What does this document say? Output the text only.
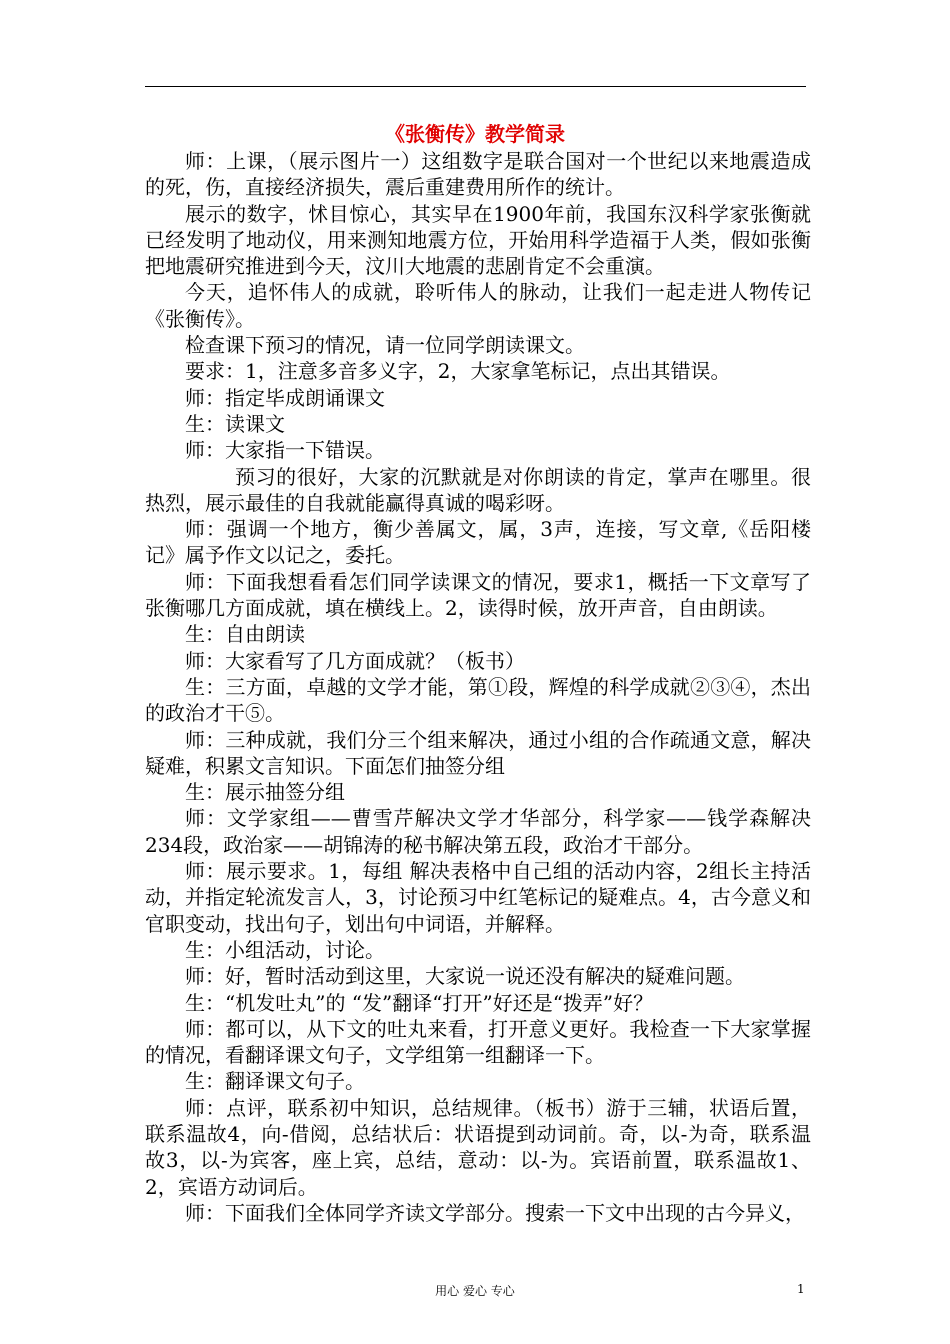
《张衡传》教学简录

师：上课，（展示图片一）这组数字是联合国对一个世纪以来地震造成的死，伤，直接经济损失，震后重建费用所作的统计。

展示的数字，怵目惊心，其实早在1900年前，我国东汉科学家张衡就已经发明了地动仪，用来测知地震方位，开始用科学造福于人类，假如张衡把地震研究推进到今天，汶川大地震的悲剧肯定不会重演。

今天，追怀伟人的成就，聆听伟人的脉动，让我们一起走进人物传记《张衡传》。

检查课下预习的情况，请一位同学朗读课文。

要求：1，注意多音多义字，2，大家拿笔标记，点出其错误。

师：指定毕成朗诵课文

生：读课文

师：大家指一下错误。

预习的很好，大家的沉默就是对你朗读的肯定，掌声在哪里。很热烈，展示最佳的自我就能赢得真诚的喝彩呀。

师：强调一个地方，衡少善属文，属，3声，连接，写文章,《岳阳楼记》属予作文以记之，委托。

师：下面我想看看怎们同学读课文的情况，要求1，概括一下文章写了张衡哪几方面成就，填在横线上。2，读得时候，放开声音，自由朗读。

生：自由朗读

师：大家看写了几方面成就？（板书）

生：三方面，卓越的文学才能，第①段，辉煌的科学成就②③④，杰出的政治才干⑤。

师：三种成就，我们分三个组来解决，通过小组的合作疏通文意，解决疑难，积累文言知识。下面怎们抽签分组

生：展示抽签分组

师：文学家组——曹雪芹解决文学才华部分，科学家——钱学森解决234段，政治家——胡锦涛的秘书解决第五段，政治才干部分。

师：展示要求。1，每组 解决表格中自己组的活动内容，2组长主持活动，并指定轮流发言人，3，讨论预习中红笔标记的疑难点。4，古今意义和官职变动，找出句子，划出句中词语，并解释。

生：小组活动，讨论。

师：好，暂时活动到这里，大家说一说还没有解决的疑难问题。

生：“机发吐丸”的 “发”翻译“打开”好还是“拨弄”好？

师：都可以，从下文的吐丸来看，打开意义更好。我检查一下大家掌握的情况，看翻译课文句子，文学组第一组翻译一下。

生：翻译课文句子。

师：点评，联系初中知识，总结规律。（板书）游于三辅，状语后置，联系温故4，向-借阅，总结状后：状语提到动词前。奇，以-为奇，联系温故3，以-为宾客，座上宾，总结，意动：以-为。宾语前置，联系温故1、2，宾语方动词后。

师：下面我们全体同学齐读文学部分。搜索一下文中出现的古今异义，

用心 爱心 专心	1
